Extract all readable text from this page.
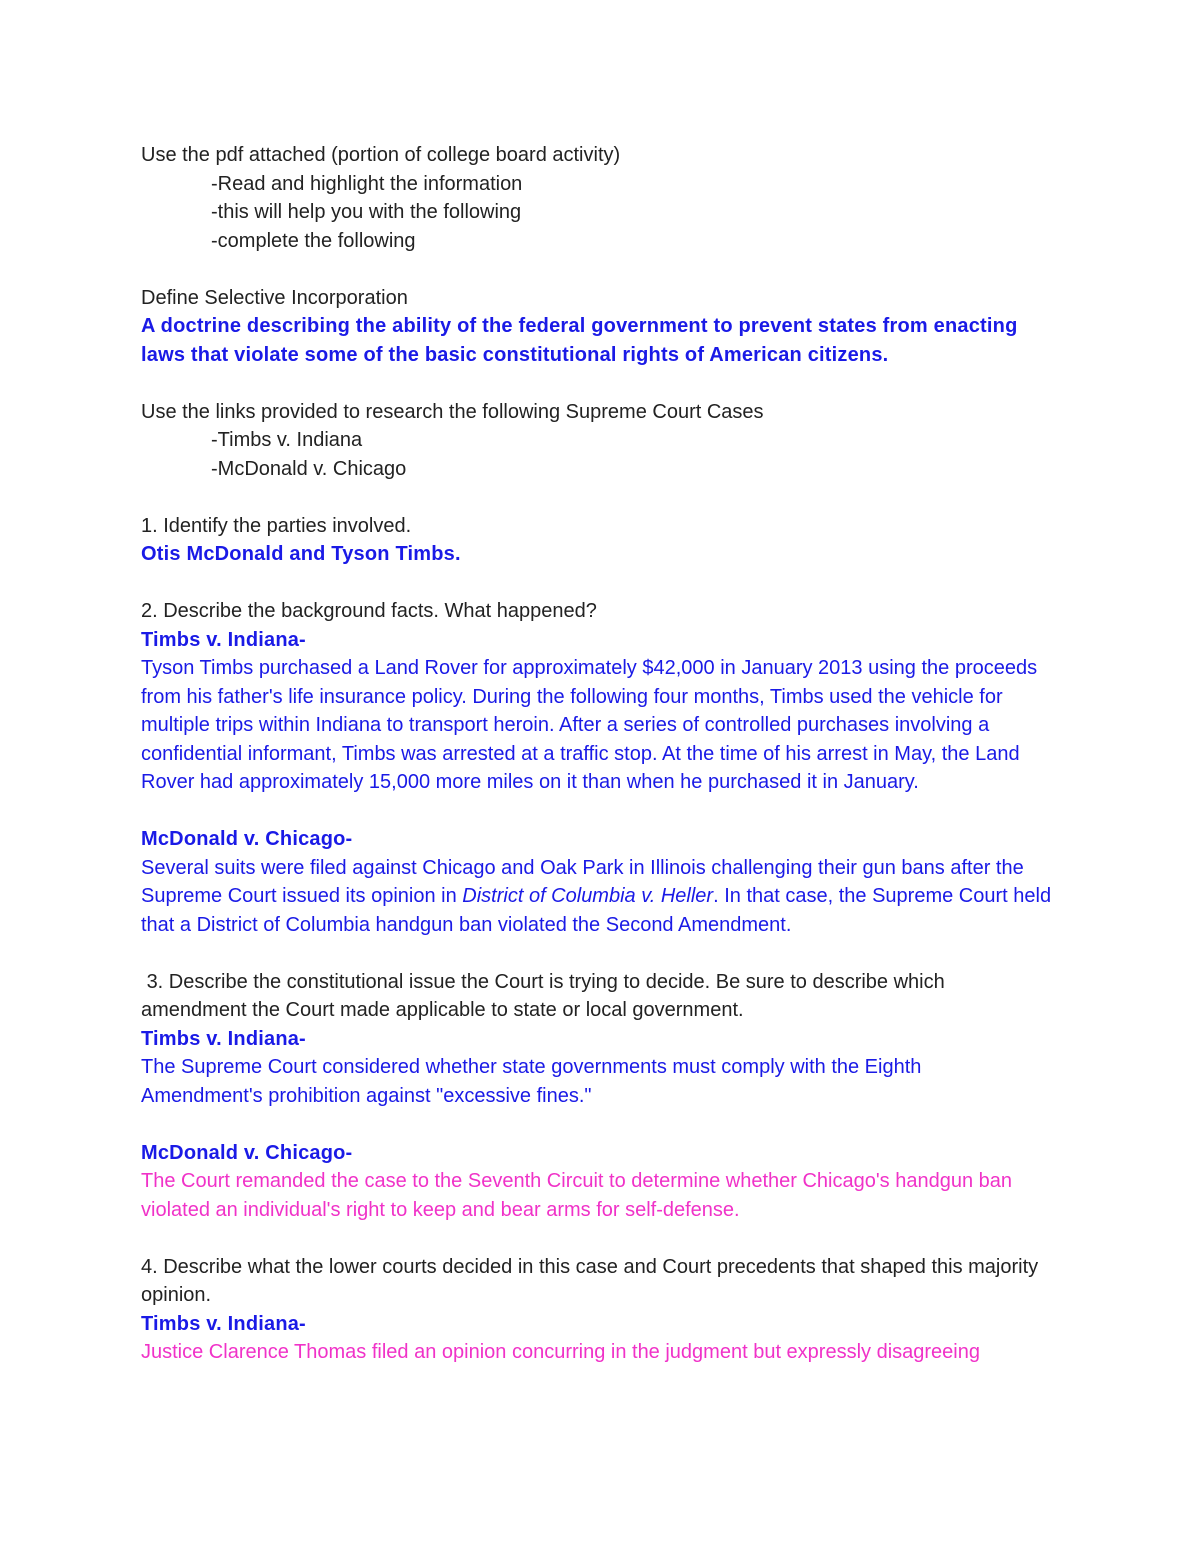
Use the pdf attached (portion of college board activity)
-Read and highlight the information
-this will help you with the following
-complete the following
Define Selective Incorporation
A doctrine describing the ability of the federal government to prevent states from enacting laws that violate some of the basic constitutional rights of American citizens.
Use the links provided to research the following Supreme Court Cases
-Timbs v. Indiana
-McDonald v. Chicago
1. Identify the parties involved.
Otis McDonald and Tyson Timbs.
2. Describe the background facts. What happened?
Timbs v. Indiana-
Tyson Timbs purchased a Land Rover for approximately $42,000 in January 2013 using the proceeds from his father's life insurance policy. During the following four months, Timbs used the vehicle for multiple trips within Indiana to transport heroin. After a series of controlled purchases involving a confidential informant, Timbs was arrested at a traffic stop. At the time of his arrest in May, the Land Rover had approximately 15,000 more miles on it than when he purchased it in January.
McDonald v. Chicago-
Several suits were filed against Chicago and Oak Park in Illinois challenging their gun bans after the Supreme Court issued its opinion in District of Columbia v. Heller. In that case, the Supreme Court held that a District of Columbia handgun ban violated the Second Amendment.
3. Describe the constitutional issue the Court is trying to decide. Be sure to describe which amendment the Court made applicable to state or local government.
Timbs v. Indiana-
The Supreme Court considered whether state governments must comply with the Eighth Amendment's prohibition against "excessive fines."
McDonald v. Chicago-
The Court remanded the case to the Seventh Circuit to determine whether Chicago's handgun ban violated an individual's right to keep and bear arms for self-defense.
4. Describe what the lower courts decided in this case and Court precedents that shaped this majority opinion.
Timbs v. Indiana-
Justice Clarence Thomas filed an opinion concurring in the judgment but expressly disagreeing
